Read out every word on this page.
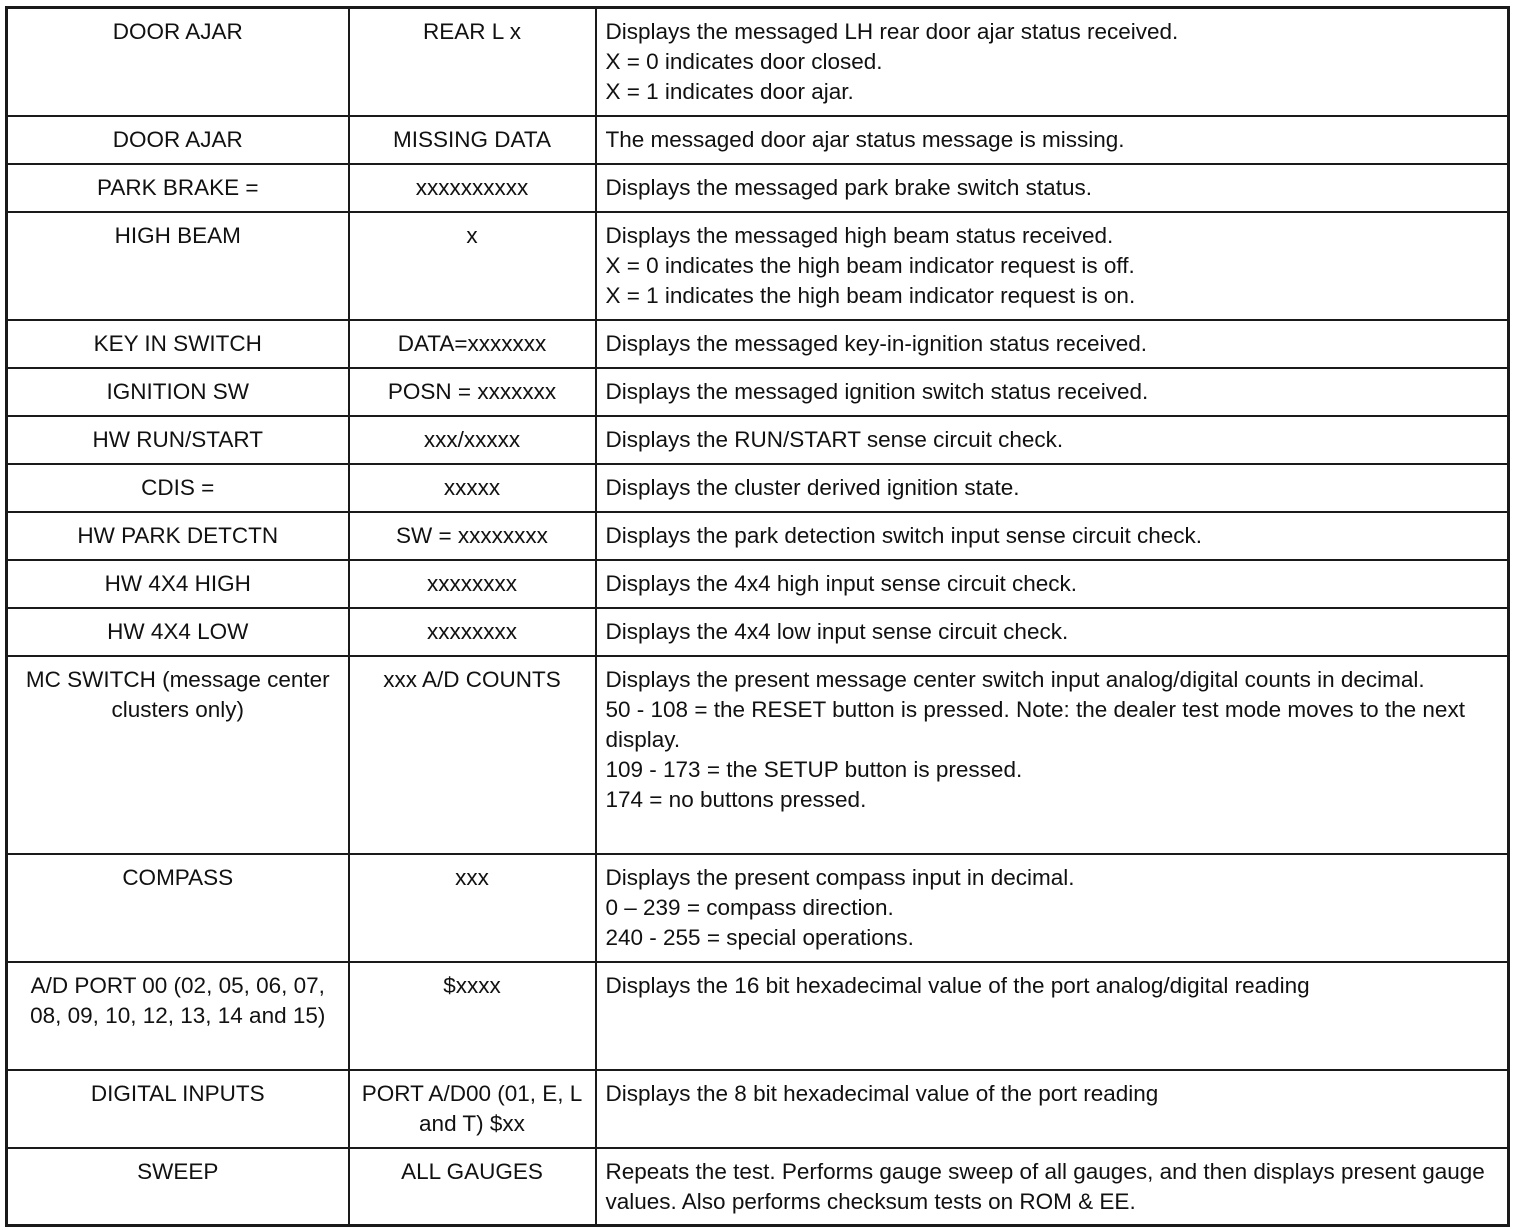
DOOR AJAR	REAR L x	Displays the messaged LH rear door ajar status received.
X = 0 indicates door closed.
X = 1 indicates door ajar.

DOOR AJAR	MISSING DATA	The messaged door ajar status message is missing.

PARK BRAKE =	xxxxxxxxxx	Displays the messaged park brake switch status.

HIGH BEAM	x	Displays the messaged high beam status received.
X = 0 indicates the high beam indicator request is off.
X = 1 indicates the high beam indicator request is on.

KEY IN SWITCH	DATA=xxxxxxx	Displays the messaged key-in-ignition status received.

IGNITION SW	POSN = xxxxxxx	Displays the messaged ignition switch status received.

HW RUN/START	xxx/xxxxx	Displays the RUN/START sense circuit check.

CDIS =	xxxxx	Displays the cluster derived ignition state.

HW PARK DETCTN	SW = xxxxxxxx	Displays the park detection switch input sense circuit check.

HW 4X4 HIGH	xxxxxxxx	Displays the 4x4 high input sense circuit check.

HW 4X4 LOW	xxxxxxxx	Displays the 4x4 low input sense circuit check.

MC SWITCH (message center clusters only)	xxx A/D COUNTS	Displays the present message center switch input analog/digital counts in decimal.
50 - 108 = the RESET button is pressed. Note: the dealer test mode moves to the next display.
109 - 173 = the SETUP button is pressed.
174 = no buttons pressed.

COMPASS	xxx	Displays the present compass input in decimal.
0 – 239 = compass direction.
240 - 255 = special operations.

A/D PORT 00 (02, 05, 06, 07, 08, 09, 10, 12, 13, 14 and 15)	$xxxx	Displays the 16 bit hexadecimal value of the port analog/digital reading

DIGITAL INPUTS	PORT A/D00 (01, E, L and T) $xx	Displays the 8 bit hexadecimal value of the port reading

SWEEP	ALL GAUGES	Repeats the test. Performs gauge sweep of all gauges, and then displays present gauge values. Also performs checksum tests on ROM & EE.
